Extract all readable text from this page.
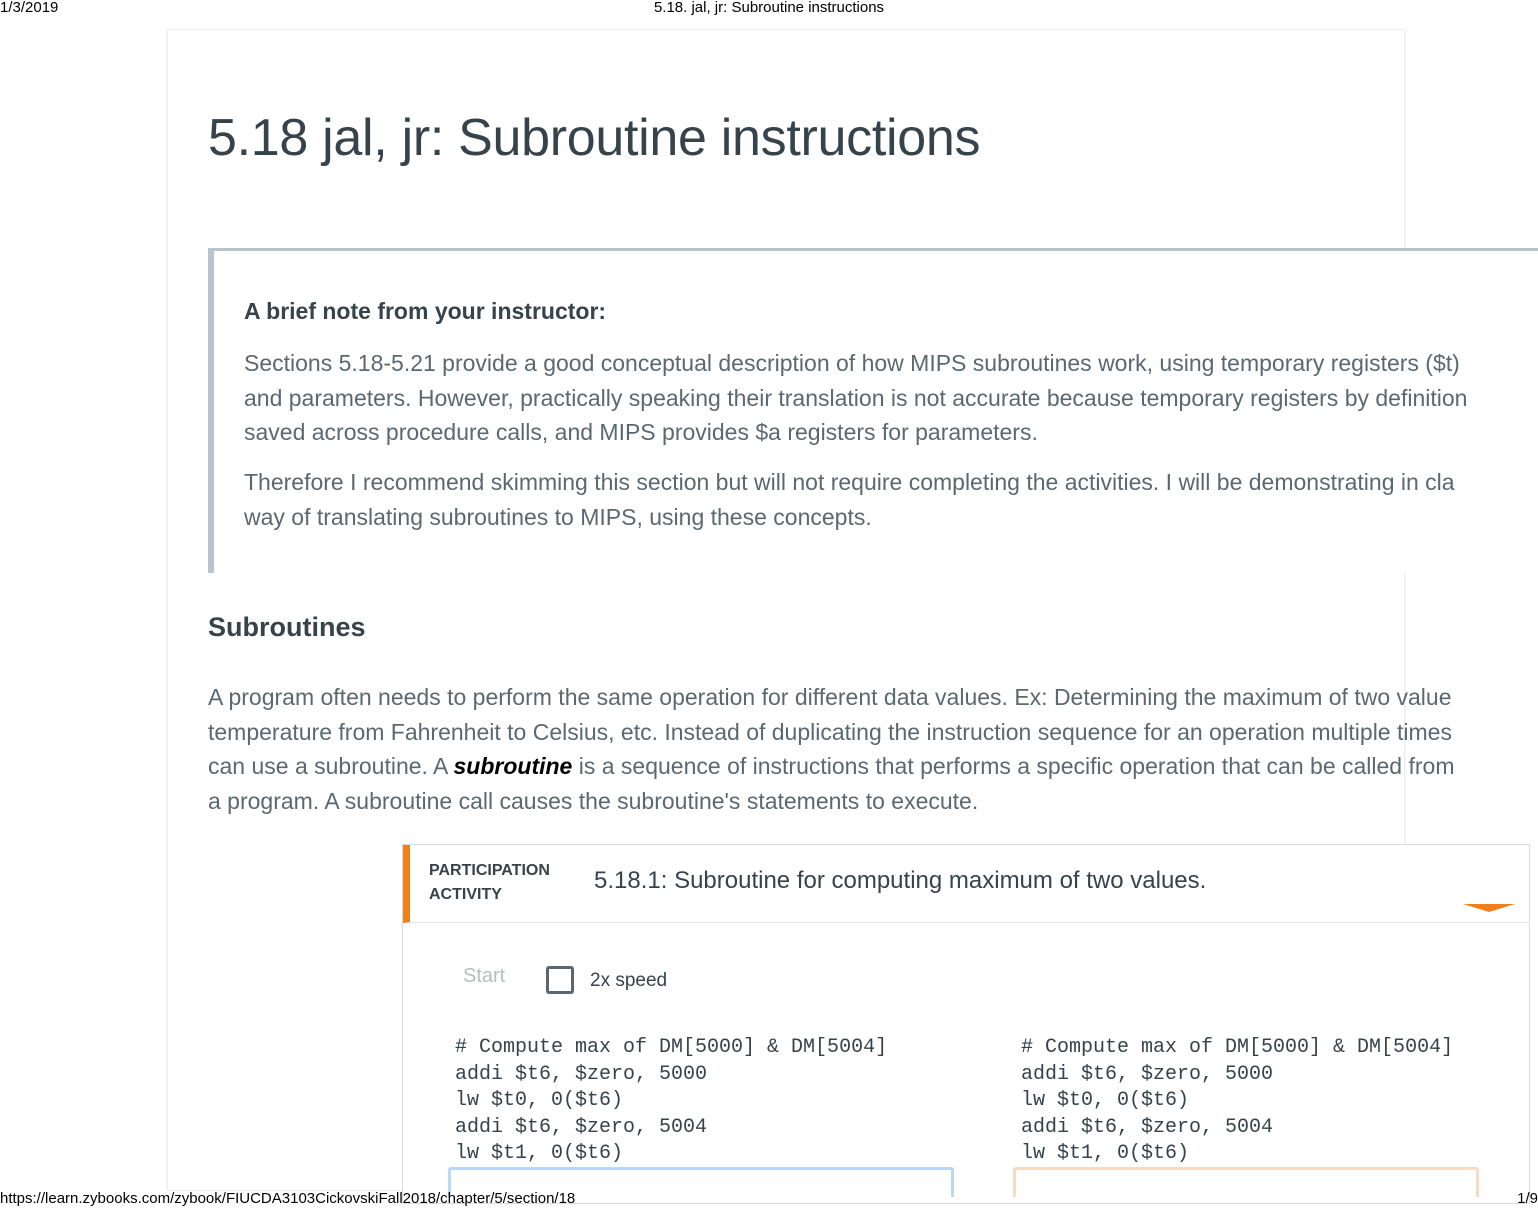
1/3/2019	5.18. jal, jr: Subroutine instructions
5.18 jal, jr: Subroutine instructions
A brief note from your instructor:

Sections 5.18-5.21 provide a good conceptual description of how MIPS subroutines work, using temporary registers ($t)
and parameters. However, practically speaking their translation is not accurate because temporary registers by definition
saved across procedure calls, and MIPS provides $a registers for parameters.

Therefore I recommend skimming this section but will not require completing the activities. I will be demonstrating in cla
way of translating subroutines to MIPS, using these concepts.

Subroutines

A program often needs to perform the same operation for different data values. Ex: Determining the maximum of two value
temperature from Fahrenheit to Celsius, etc. Instead of duplicating the instruction sequence for an operation multiple times
can use a subroutine. A subroutine is a sequence of instructions that performs a specific operation that can be called from
a program. A subroutine call causes the subroutine's statements to execute.

PARTICIPATION
ACTIVITY
5.18.1: Subroutine for computing maximum of two values.
Start	2x speed
# Compute max of DM[5000] & DM[5004]
addi $t6, $zero, 5000
lw $t0, 0($t6)
addi $t6, $zero, 5004
lw $t1, 0($t6)
# Compute max of DM[5000] & DM[5004]
addi $t6, $zero, 5000
lw $t0, 0($t6)
addi $t6, $zero, 5004
lw $t1, 0($t6)
https://learn.zybooks.com/zybook/FIUCDA3103CickovskiFall2018/chapter/5/section/18	1/9
